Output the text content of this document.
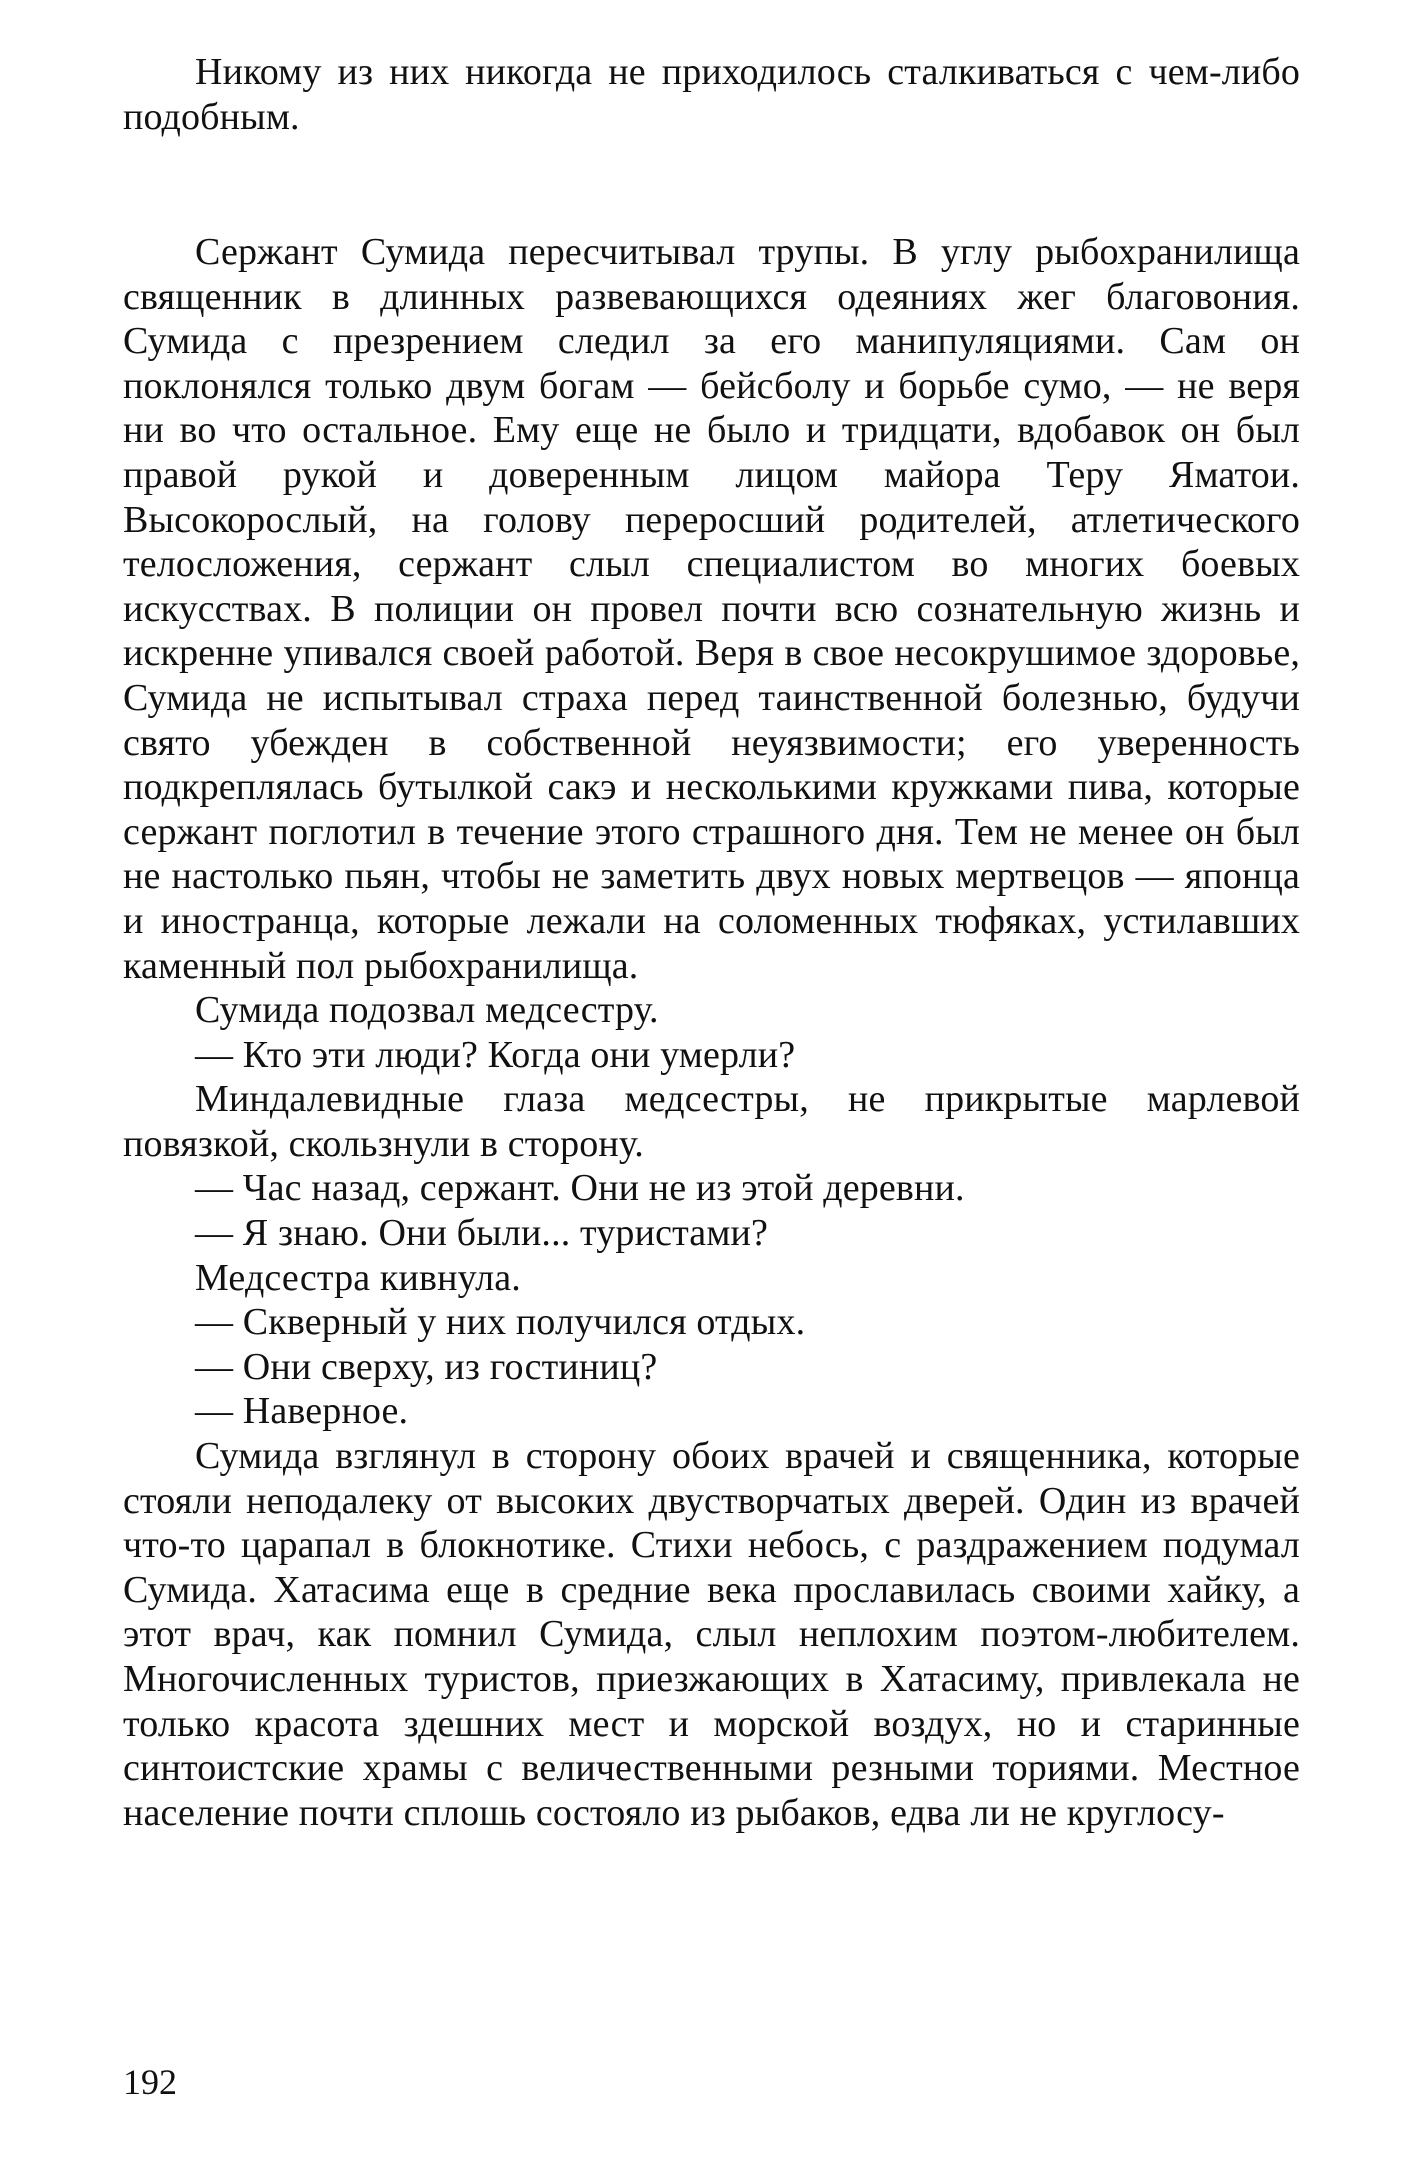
Никому из них никогда не приходилось сталкиваться с чем-либо подобным.

Сержант Сумида пересчитывал трупы. В углу рыбохранилища священник в длинных развевающихся одеяниях жег благовония. Сумида с презрением следил за его манипуляциями. Сам он поклонялся только двум богам — бейсболу и борьбе сумо, — не веря ни во что остальное. Ему еще не было и тридцати, вдобавок он был правой рукой и доверенным лицом майора Теру Яматои. Высокорослый, на голову переросший родителей, атлетического телосложения, сержант слыл специалистом во многих боевых искусствах. В полиции он провел почти всю сознательную жизнь и искренне упивался своей работой. Веря в свое несокрушимое здоровье, Сумида не испытывал страха перед таинственной болезнью, будучи свято убежден в собственной неуязвимости; его уверенность подкреплялась бутылкой сакэ и несколькими кружками пива, которые сержант поглотил в течение этого страшного дня. Тем не менее он был не настолько пьян, чтобы не заметить двух новых мертвецов — японца и иностранца, которые лежали на соломенных тюфяках, устилавших каменный пол рыбохранилища.

Сумида подозвал медсестру.

— Кто эти люди? Когда они умерли?

Миндалевидные глаза медсестры, не прикрытые марлевой повязкой, скользнули в сторону.

— Час назад, сержант. Они не из этой деревни.

— Я знаю. Они были... туристами?

Медсестра кивнула.

— Скверный у них получился отдых.

— Они сверху, из гостиниц?

— Наверное.

Сумида взглянул в сторону обоих врачей и священника, которые стояли неподалеку от высоких двустворчатых дверей. Один из врачей что-то царапал в блокнотике. Стихи небось, с раздражением подумал Сумида. Хатасима еще в средние века прославилась своими хайку, а этот врач, как помнил Сумида, слыл неплохим поэтом-любителем. Многочисленных туристов, приезжающих в Хатасиму, привлекала не только красота здешних мест и морской воздух, но и старинные синтоистские храмы с величественными резными ториями. Местное население почти сплошь состояло из рыбаков, едва ли не круглосу-

192
